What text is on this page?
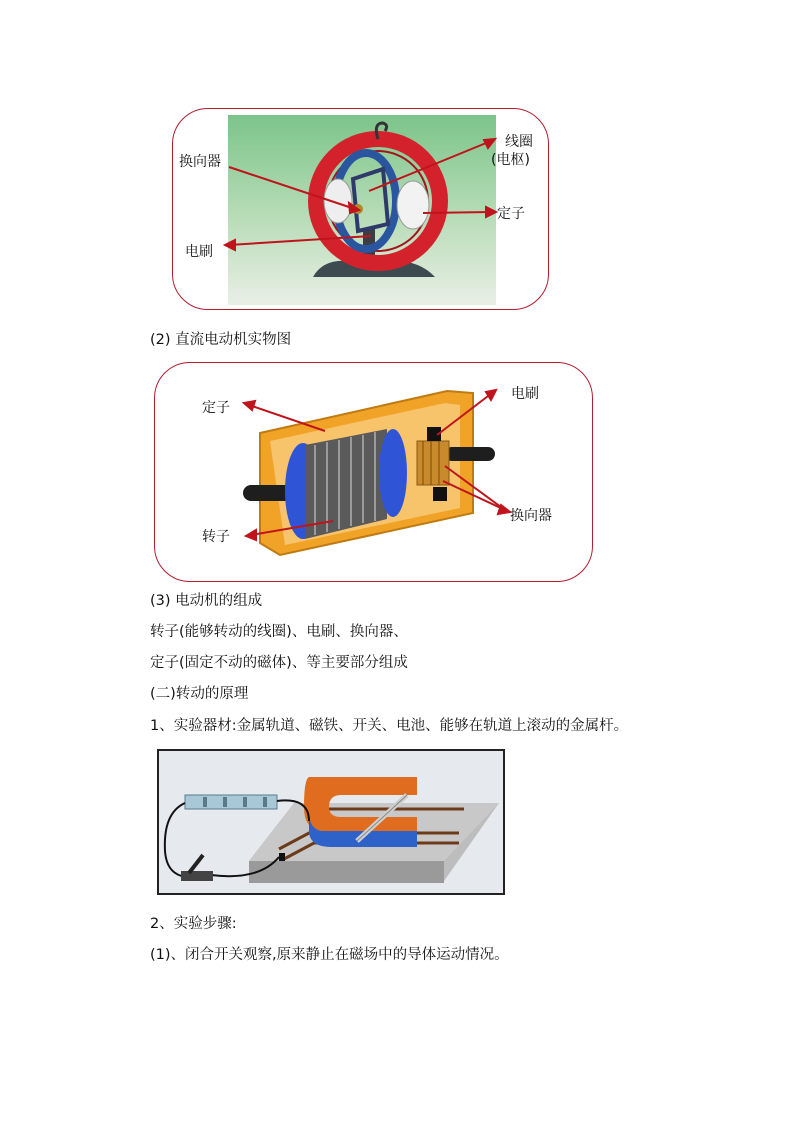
换向器
线圈
(电枢)
定子
电刷
(2) 直流电动机实物图
定子
电刷
换向器
转子
(3) 电动机的组成
转子(能够转动的线圈)、电刷、换向器、
定子(固定不动的磁体)、等主要部分组成
(二)转动的原理
1、实验器材:金属轨道、磁铁、开关、电池、能够在轨道上滚动的金属杆。
2、实验步骤:
(1)、闭合开关观察,原来静止在磁场中的导体运动情况。
